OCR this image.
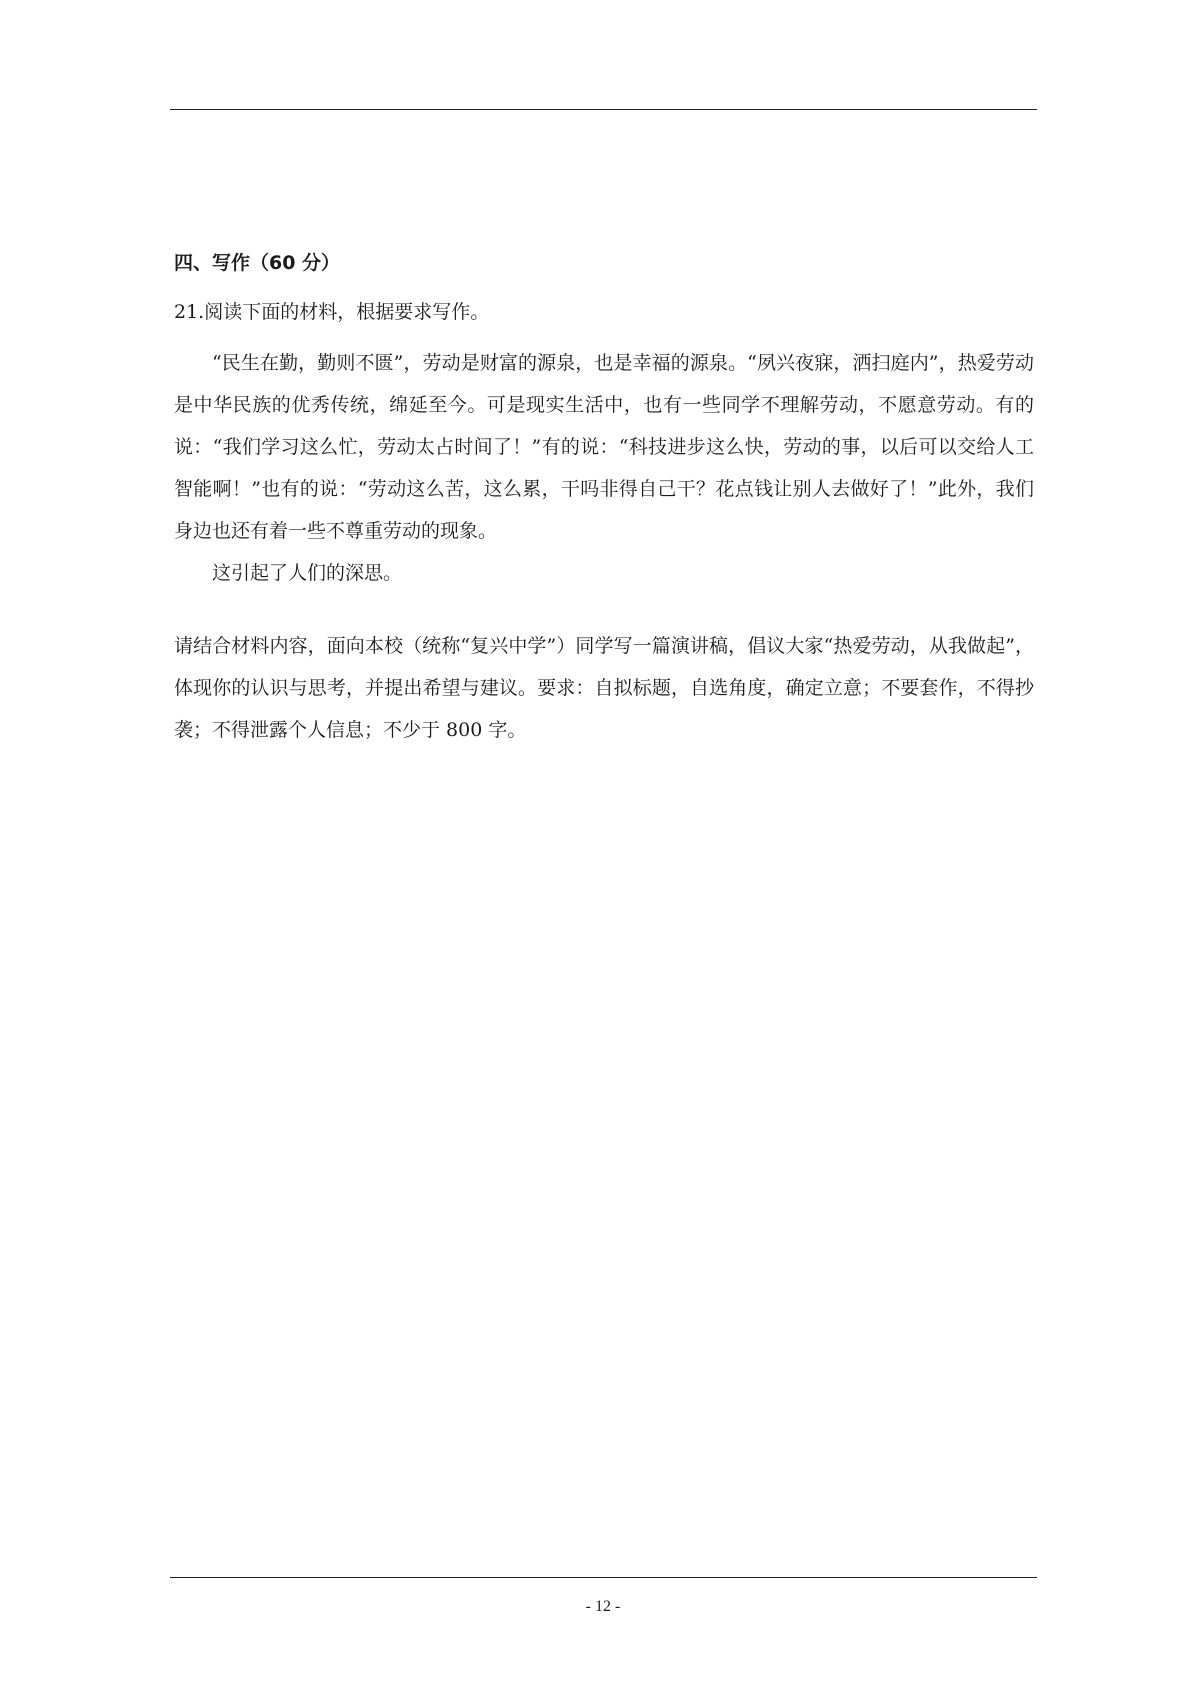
四、写作（60 分）
21.阅读下面的材料，根据要求写作。

“民生在勤，勤则不匮”，劳动是财富的源泉，也是幸福的源泉。“夙兴夜寐，洒扫庭内”，热爱劳动是中华民族的优秀传统，绵延至今。可是现实生活中，也有一些同学不理解劳动，不愿意劳动。有的说：“我们学习这么忙，劳动太占时间了！”有的说：“科技进步这么快，劳动的事，以后可以交给人工智能啊！”也有的说：“劳动这么苦，这么累，干吗非得自己干？花点钱让别人去做好了！”此外，我们身边也还有着一些不尊重劳动的现象。

这引起了人们的深思。

请结合材料内容，面向本校（统称“复兴中学”）同学写一篇演讲稿，倡议大家“热爱劳动，从我做起”，体现你的认识与思考，并提出希望与建议。要求：自拟标题，自选角度，确定立意；不要套作，不得抄袭；不得泄露个人信息；不少于 800 字。

- 12 -
